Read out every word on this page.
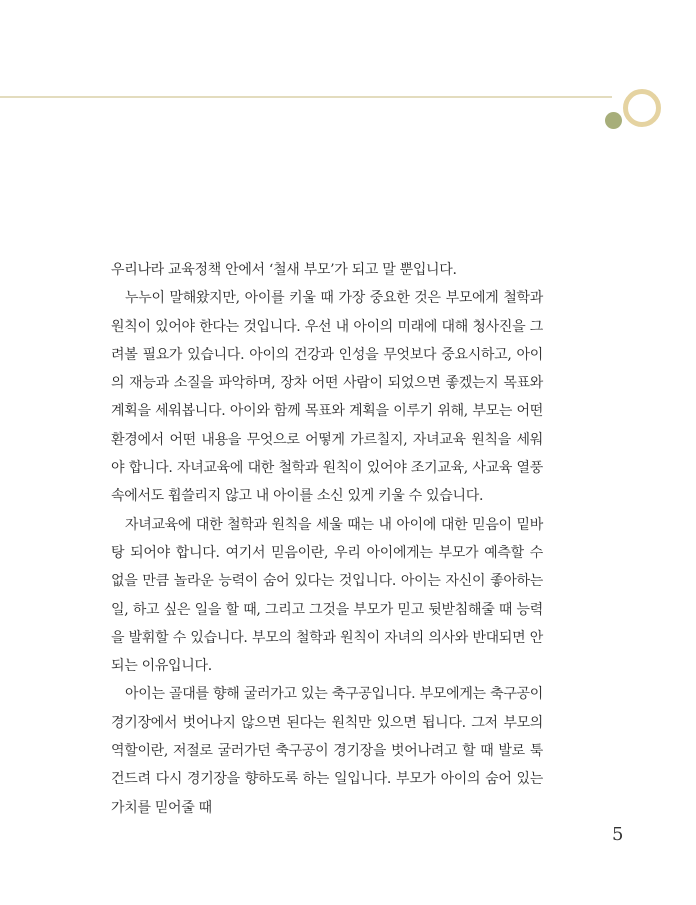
우리나라 교육정책 안에서 ‘철새 부모’가 되고 말 뿐입니다.

누누이 말해왔지만, 아이를 키울 때 가장 중요한 것은 부모에게 철학과 원칙이 있어야 한다는 것입니다. 우선 내 아이의 미래에 대해 청사진을 그려볼 필요가 있습니다. 아이의 건강과 인성을 무엇보다 중요시하고, 아이의 재능과 소질을 파악하며, 장차 어떤 사람이 되었으면 좋겠는지 목표와 계획을 세워봅니다. 아이와 함께 목표와 계획을 이루기 위해, 부모는 어떤 환경에서 어떤 내용을 무엇으로 어떻게 가르칠지, 자녀교육 원칙을 세워야 합니다. 자녀교육에 대한 철학과 원칙이 있어야 조기교육, 사교육 열풍 속에서도 휩쓸리지 않고 내 아이를 소신 있게 키울 수 있습니다.

자녀교육에 대한 철학과 원칙을 세울 때는 내 아이에 대한 믿음이 밑바탕 되어야 합니다. 여기서 믿음이란, 우리 아이에게는 부모가 예측할 수 없을 만큼 놀라운 능력이 숨어 있다는 것입니다. 아이는 자신이 좋아하는 일, 하고 싶은 일을 할 때, 그리고 그것을 부모가 믿고 뒷받침해줄 때 능력을 발휘할 수 있습니다. 부모의 철학과 원칙이 자녀의 의사와 반대되면 안 되는 이유입니다.

아이는 골대를 향해 굴러가고 있는 축구공입니다. 부모에게는 축구공이 경기장에서 벗어나지 않으면 된다는 원칙만 있으면 됩니다. 그저 부모의 역할이란, 저절로 굴러가던 축구공이 경기장을 벗어나려고 할 때 발로 툭 건드려 다시 경기장을 향하도록 하는 일입니다. 부모가 아이의 숨어 있는 가치를 믿어줄 때

5
